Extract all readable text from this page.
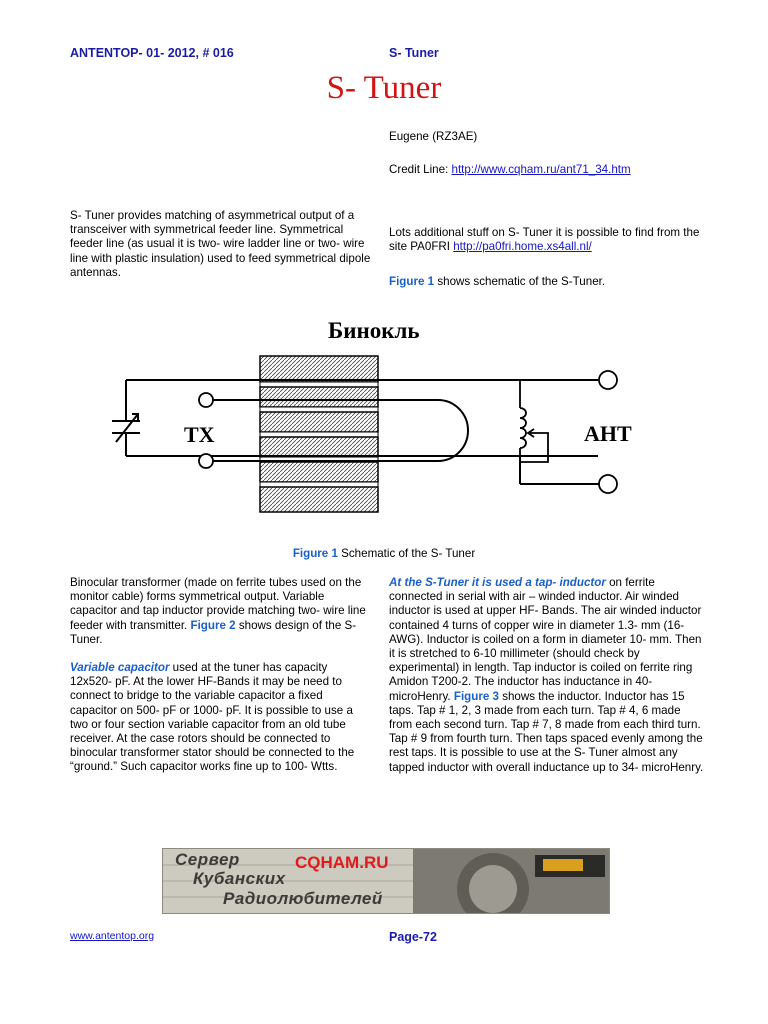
ANTENTOP- 01- 2012, # 016	S- Tuner
S- Tuner
Eugene (RZ3AE)
Credit Line: http://www.cqham.ru/ant71_34.htm

S- Tuner provides matching of asymmetrical output of a transceiver with symmetrical feeder line. Symmetrical feeder line (as usual it is two- wire ladder line or two- wire line with plastic insulation) used to feed symmetrical dipole antennas.

Lots additional stuff on S- Tuner it is possible to find from the site PA0FRI http://pa0fri.home.xs4all.nl/

Figure 1 shows schematic of the S-Tuner.
Бинокль
TX	АНТ
Figure 1 Schematic of the S- Tuner

Binocular transformer (made on ferrite tubes used on the monitor cable) forms symmetrical output. Variable capacitor and tap inductor provide matching two- wire line feeder with transmitter. Figure 2 shows design of the S- Tuner.

Variable capacitor used at the tuner has capacity 12x520- pF. At the lower HF-Bands it may be need to connect to bridge to the variable capacitor a fixed capacitor on 500- pF or 1000- pF. It is possible to use a two or four section variable capacitor from an old tube receiver. At the case rotors should be connected to binocular transformer stator should be connected to the “ground.” Such capacitor works fine up to 100- Wtts.

At the S-Tuner it is used a tap- inductor on ferrite connected in serial with air – winded inductor. Air winded inductor is used at upper HF- Bands. The air winded inductor contained 4 turns of copper wire in diameter 1.3- mm (16- AWG). Inductor is coiled on a form in diameter 10- mm. Then it is stretched to 6-10 millimeter (should check by experimental) in length. Tap inductor is coiled on ferrite ring Amidon T200-2. The inductor has inductance in 40- microHenry. Figure 3 shows the inductor. Inductor has 15 taps. Tap # 1, 2, 3 made from each turn. Tap # 4, 6 made from each second turn. Tap # 7, 8 made from each third turn. Tap # 9 from fourth turn. Then taps spaced evenly among the rest taps. It is possible to use at the S- Tuner almost any tapped inductor with overall inductance up to 34- microHenry.

Сервер	CQHAM.RU
Кубанских
Радиолюбителей
www.antentop.org	Page-72
